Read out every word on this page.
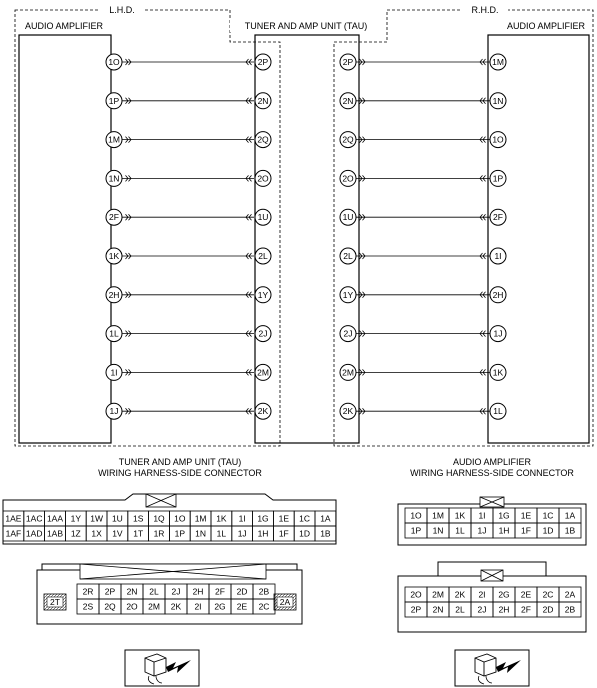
L.H.D.	R.H.D.
AUDIO AMPLIFIER	TUNER AND AMP UNIT (TAU)	AUDIO AMPLIFIER
1O	2P
1P	2N
1M	2Q
1N	2O
2F	1U
1K	2L
2H	1Y
1L	2J
1I	2M
1J	2K
2P	1M
2N	1N
2Q	1O
2O	1P
1U	2F
2L	1I
1Y	2H
2J	1J
2M	1K
2K	1L
TUNER AND AMP UNIT (TAU)
WIRING HARNESS-SIDE CONNECTOR
AUDIO AMPLIFIER
WIRING HARNESS-SIDE CONNECTOR
1AE 1AC 1AA 1Y 1W 1U 1S 1Q 1O 1M 1K 1I 1G 1E 1C 1A
1AF 1AD 1AB 1Z 1X 1V 1T 1R 1P 1N 1L 1J 1H 1F 1D 1B
2R 2P 2N 2L 2J 2H 2F 2D 2B
2S 2Q 2O 2M 2K 2I 2G 2E 2C
2T	2A
1O 1M 1K 1I 1G 1E 1C 1A
1P 1N 1L 1J 1H 1F 1D 1B
2O 2M 2K 2I 2G 2E 2C 2A
2P 2N 2L 2J 2H 2F 2D 2B
